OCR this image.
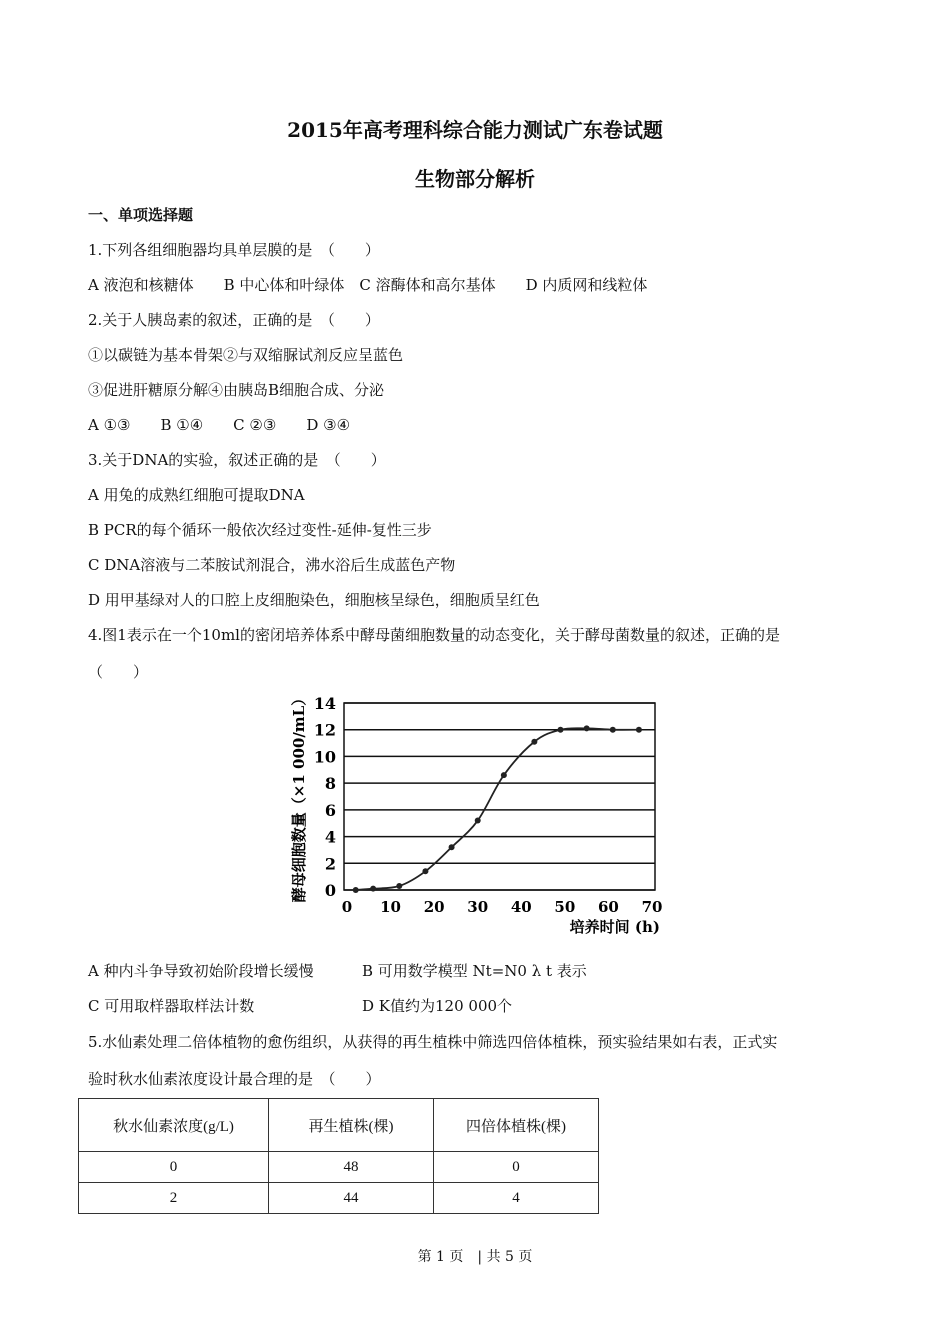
2015年高考理科综合能力测试广东卷试题
生物部分解析
一、单项选择题
1.下列各组细胞器均具单层膜的是　（　　）
A 液泡和核糖体　　B 中心体和叶绿体　C 溶酶体和高尔基体　　D 内质网和线粒体
2.关于人胰岛素的叙述，正确的是　（　　）
①以碳链为基本骨架②与双缩脲试剂反应呈蓝色
③促进肝糖原分解④由胰岛B细胞合成、分泌
A ①③　　B ①④　　C ②③　　D ③④
3.关于DNA的实验，叙述正确的是　（　　）
A 用兔的成熟红细胞可提取DNA
B PCR的每个循环一般依次经过变性-延伸-复性三步
C DNA溶液与二苯胺试剂混合，沸水浴后生成蓝色产物
D 用甲基绿对人的口腔上皮细胞染色，细胞核呈绿色，细胞质呈红色
4.图1表示在一个10ml的密闭培养体系中酵母菌细胞数量的动态变化，关于酵母菌数量的叙述，正确的是
（　　）
0
2
4
6
8
10
12
14
0 10 20 30 40 50 60 70
培养时间 (h)
酵母细胞数量（×1 000/mL）
A 种内斗争导致初始阶段增长缓慢	B 可用数学模型 Nt=N0 λ t 表示
C 可用取样器取样法计数	D K值约为120 000个
5.水仙素处理二倍体植物的愈伤组织，从获得的再生植株中筛选四倍体植株，预实验结果如右表，正式实
验时秋水仙素浓度设计最合理的是　（　　）
秋水仙素浓度(g/L)	再生植株(棵)	四倍体植株(棵)
0	48	0
2	44	4
第 1 页　| 共 5 页
